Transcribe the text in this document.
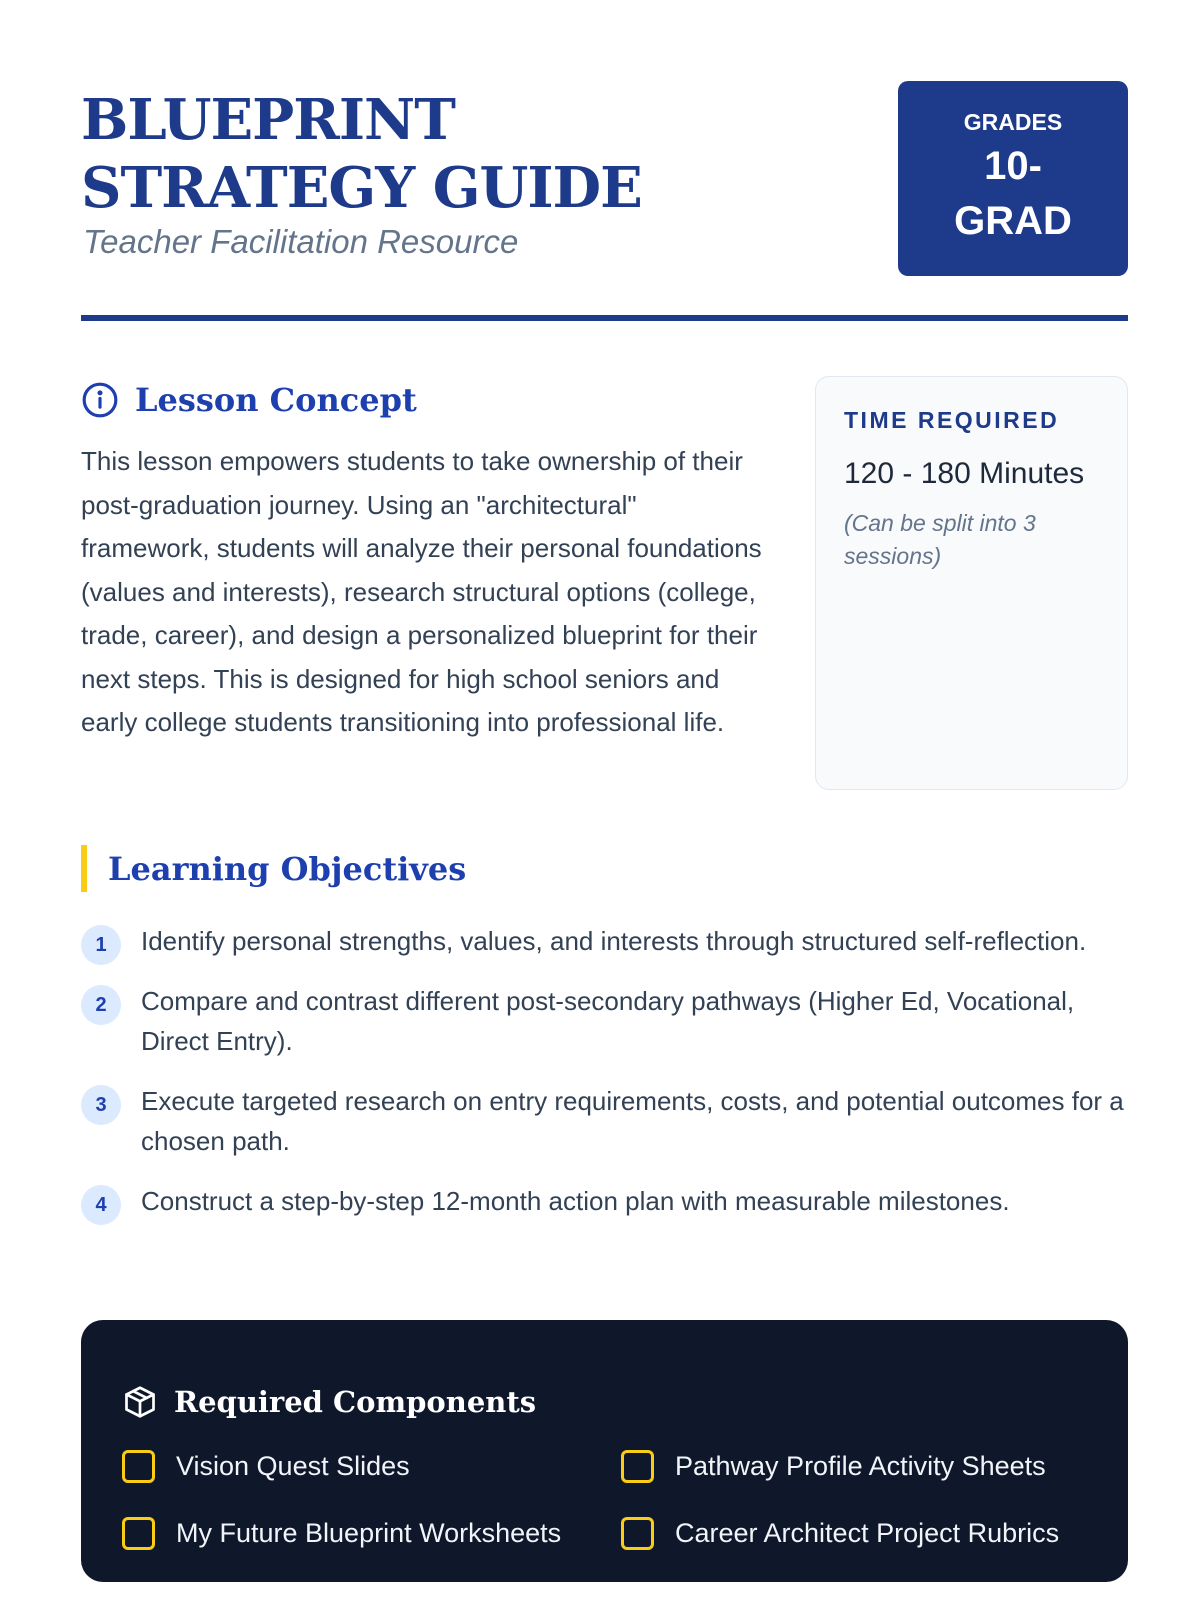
BLUEPRINT STRATEGY GUIDE
Teacher Facilitation Resource
GRADES
10-
GRAD
Lesson Concept

This lesson empowers students to take ownership of their post-graduation journey. Using an "architectural" framework, students will analyze their personal foundations (values and interests), research structural options (college, trade, career), and design a personalized blueprint for their next steps. This is designed for high school seniors and early college students transitioning into professional life.

TIME REQUIRED
120 - 180 Minutes
(Can be split into 3 sessions)
Learning Objectives
1	Identify personal strengths, values, and interests through structured self-reflection.
2	Compare and contrast different post-secondary pathways (Higher Ed, Vocational, Direct Entry).
3	Execute targeted research on entry requirements, costs, and potential outcomes for a chosen path.
4	Construct a step-by-step 12-month action plan with measurable milestones.
Required Components
Vision Quest Slides	Pathway Profile Activity Sheets
My Future Blueprint Worksheets	Career Architect Project Rubrics
